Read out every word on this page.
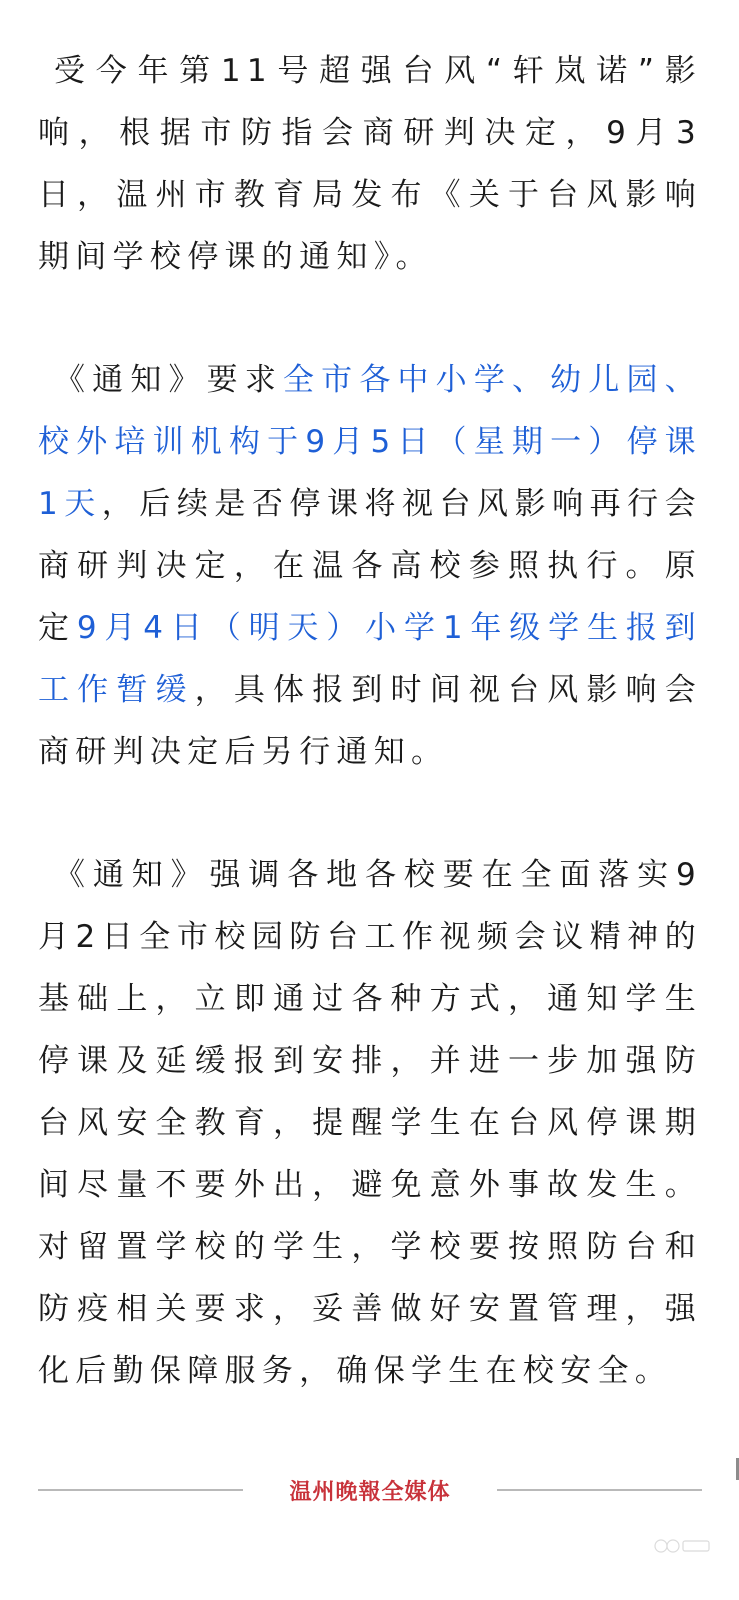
受今年第11号超强台风“轩岚诺”影响，根据市防指会商研判决定，9月3日，温州市教育局发布《关于台风影响期间学校停课的通知》。

《通知》要求全市各中小学、幼儿园、校外培训机构于9月5日（星期一）停课1天，后续是否停课将视台风影响再行会商研判决定，在温各高校参照执行。原定9月4日（明天）小学1年级学生报到工作暂缓，具体报到时间视台风影响会商研判决定后另行通知。

《通知》强调各地各校要在全面落实9月2日全市校园防台工作视频会议精神的基础上，立即通过各种方式，通知学生停课及延缓报到安排，并进一步加强防台风安全教育，提醒学生在台风停课期间尽量不要外出，避免意外事故发生。对留置学校的学生，学校要按照防台和防疫相关要求，妥善做好安置管理，强化后勤保障服务，确保学生在校安全。

温州晚報全媒体
